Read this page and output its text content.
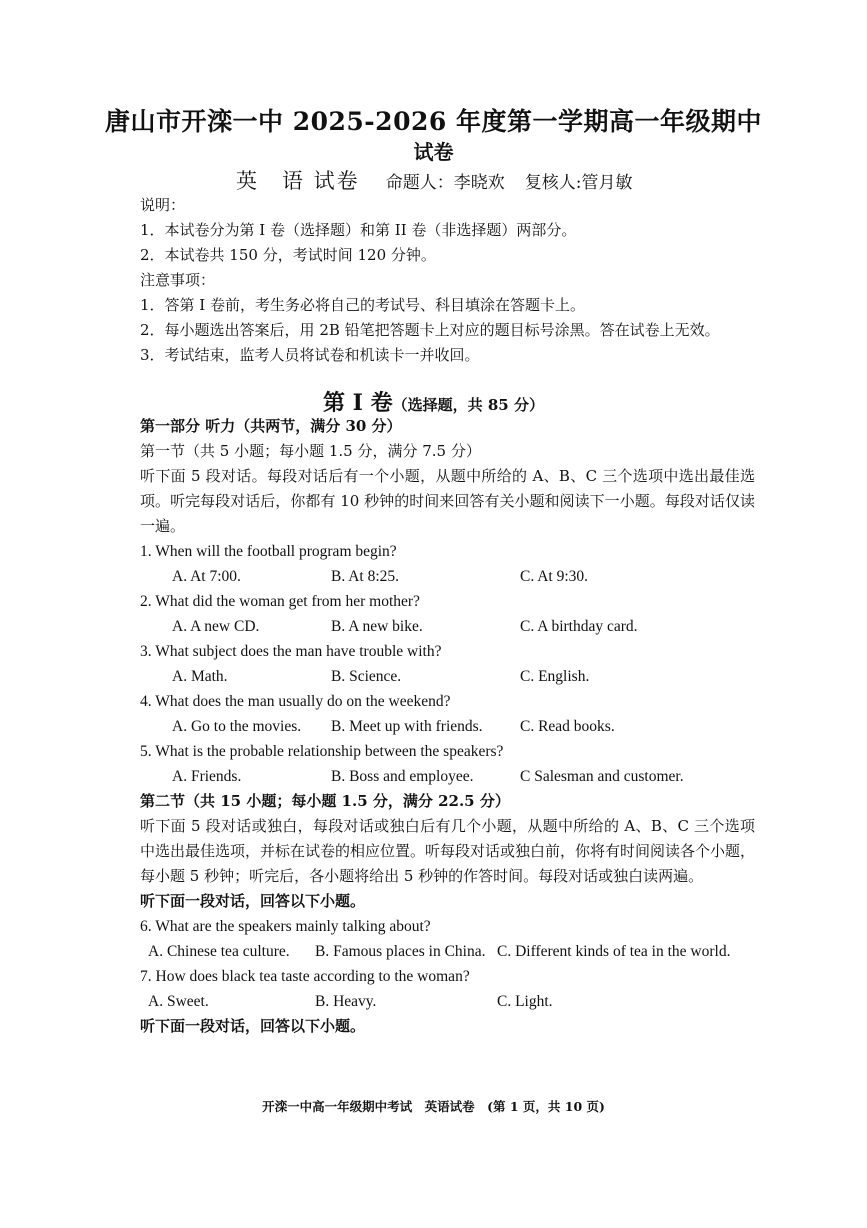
唐山市开滦一中 2025-2026 年度第一学期高一年级期中
试卷
英　语 试卷 命题人：李晓欢 复核人:管月敏

说明：

1．本试卷分为第 I 卷（选择题）和第 II 卷（非选择题）两部分。

2．本试卷共 150 分，考试时间 120 分钟。

注意事项：

1．答第 I 卷前，考生务必将自己的考试号、科目填涂在答题卡上。

2．每小题选出答案后，用 2B 铅笔把答题卡上对应的题目标号涂黑。答在试卷上无效。

3．考试结束，监考人员将试卷和机读卡一并收回。

第 I 卷（选择题，共 85 分）

第一部分 听力（共两节，满分 30 分）

第一节（共 5 小题；每小题 1.5 分，满分 7.5 分）

听下面 5 段对话。每段对话后有一个小题，从题中所给的 A、B、C 三个选项中选出最佳选项。听完每段对话后，你都有 10 秒钟的时间来回答有关小题和阅读下一小题。每段对话仅读一遍。

1. When will the football program begin?

A. At 7:00.	B. At 8:25.	C. At 9:30.

2. What did the woman get from her mother?

A. A new CD.	B. A new bike.	C. A birthday card.

3. What subject does the man have trouble with?

A. Math.	B. Science.	C. English.

4. What does the man usually do on the weekend?

A. Go to the movies. B. Meet up with friends. C. Read books.

5. What is the probable relationship between the speakers?

A. Friends.	B. Boss and employee.	C Salesman and customer.

第二节（共 15 小题；每小题 1.5 分，满分 22.5 分）

听下面 5 段对话或独白，每段对话或独白后有几个小题，从题中所给的 A、B、C 三个选项中选出最佳选项，并标在试卷的相应位置。听每段对话或独白前，你将有时间阅读各个小题，每小题 5 秒钟；听完后，各小题将给出 5 秒钟的作答时间。每段对话或独白读两遍。

听下面一段对话，回答以下小题。

6. What are the speakers mainly talking about?

A. Chinese tea culture. B. Famous places in China. C. Different kinds of tea in the world.

7. How does black tea taste according to the woman?

A. Sweet.	B. Heavy.	C. Light.

听下面一段对话，回答以下小题。

开滦一中高一年级期中考试　英语试卷　(第 1 页，共 10 页)
